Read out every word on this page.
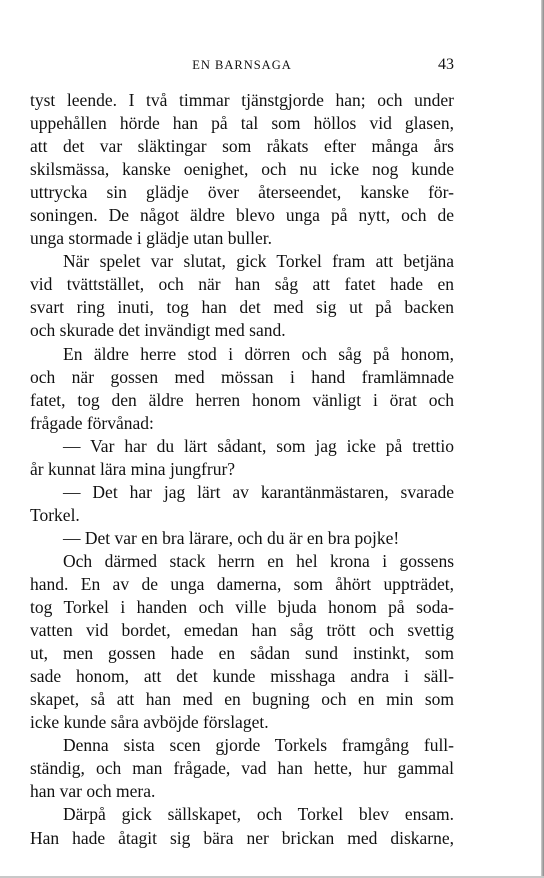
EN BARNSAGA	43
tyst leende. I två timmar tjänstgjorde han; och under
uppehållen hörde han på tal som höllos vid glasen,
att det var släktingar som råkats efter många års
skilsmässa, kanske oenighet, och nu icke nog kunde
uttrycka sin glädje över återseendet, kanske för-
soningen. De något äldre blevo unga på nytt, och de
unga stormade i glädje utan buller.
När spelet var slutat, gick Torkel fram att betjäna
vid tvättstället, och när han såg att fatet hade en
svart ring inuti, tog han det med sig ut på backen
och skurade det invändigt med sand.
En äldre herre stod i dörren och såg på honom,
och när gossen med mössan i hand framlämnade
fatet, tog den äldre herren honom vänligt i örat och
frågade förvånad:
— Var har du lärt sådant, som jag icke på trettio
år kunnat lära mina jungfrur?
— Det har jag lärt av karantänmästaren, svarade
Torkel.
— Det var en bra lärare, och du är en bra pojke!
Och därmed stack herrn en hel krona i gossens
hand. En av de unga damerna, som åhört uppträdet,
tog Torkel i handen och ville bjuda honom på soda-
vatten vid bordet, emedan han såg trött och svettig
ut, men gossen hade en sådan sund instinkt, som
sade honom, att det kunde misshaga andra i säll-
skapet, så att han med en bugning och en min som
icke kunde såra avböjde förslaget.
Denna sista scen gjorde Torkels framgång full-
ständig, och man frågade, vad han hette, hur gammal
han var och mera.
Därpå gick sällskapet, och Torkel blev ensam.
Han hade åtagit sig bära ner brickan med diskarne,
